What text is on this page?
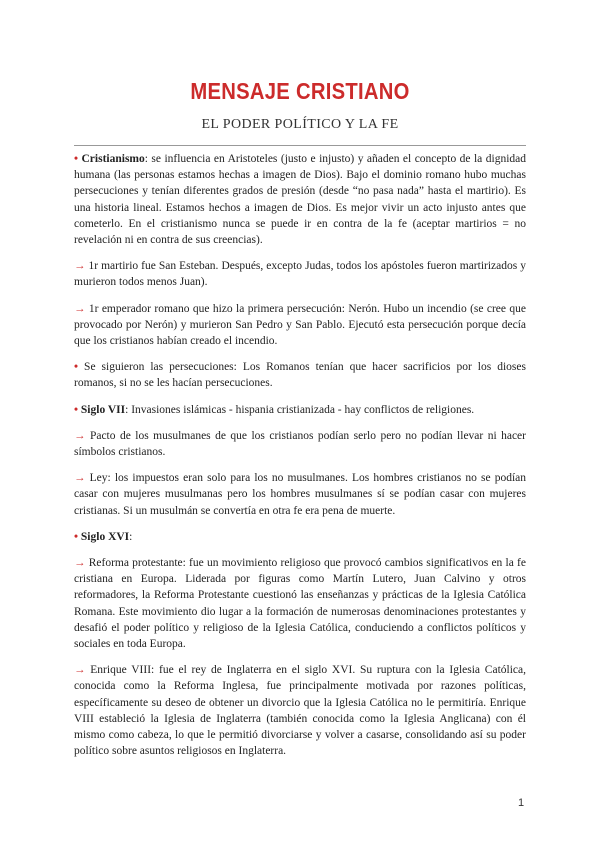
MENSAJE CRISTIANO
EL PODER POLÍTICO Y LA FE

• Cristianismo: se influencia en Aristoteles (justo e injusto) y añaden el concepto de la dignidad humana (las personas estamos hechas a imagen de Dios). Bajo el dominio romano hubo muchas persecuciones y tenían diferentes grados de presión (desde “no pasa nada” hasta el martirio). Es una historia lineal. Estamos hechos a imagen de Dios. Es mejor vivir un acto injusto antes que cometerlo. En el cristianismo nunca se puede ir en contra de la fe (aceptar martirios = no revelación ni en contra de sus creencias).

→ 1r martirio fue San Esteban. Después, excepto Judas, todos los apóstoles fueron martirizados y murieron todos menos Juan).

→ 1r emperador romano que hizo la primera persecución: Nerón. Hubo un incendio (se cree que provocado por Nerón) y murieron San Pedro y San Pablo. Ejecutó esta persecución porque decía que los cristianos habían creado el incendio.

• Se siguieron las persecuciones: Los Romanos tenían que hacer sacrificios por los dioses romanos, si no se les hacían persecuciones.

• Siglo VII: Invasiones islámicas - hispania cristianizada - hay conflictos de religiones.

→ Pacto de los musulmanes de que los cristianos podían serlo pero no podían llevar ni hacer símbolos cristianos.

→ Ley: los impuestos eran solo para los no musulmanes. Los hombres cristianos no se podían casar con mujeres musulmanas pero los hombres musulmanes sí se podían casar con mujeres cristianas. Si un musulmán se convertía en otra fe era pena de muerte.

• Siglo XVI:

→ Reforma protestante: fue un movimiento religioso que provocó cambios significativos en la fe cristiana en Europa. Liderada por figuras como Martín Lutero, Juan Calvino y otros reformadores, la Reforma Protestante cuestionó las enseñanzas y prácticas de la Iglesia Católica Romana. Este movimiento dio lugar a la formación de numerosas denominaciones protestantes y desafió el poder político y religioso de la Iglesia Católica, conduciendo a conflictos políticos y sociales en toda Europa.

→ Enrique VIII: fue el rey de Inglaterra en el siglo XVI. Su ruptura con la Iglesia Católica, conocida como la Reforma Inglesa, fue principalmente motivada por razones políticas, específicamente su deseo de obtener un divorcio que la Iglesia Católica no le permitiría. Enrique VIII estableció la Iglesia de Inglaterra (también conocida como la Iglesia Anglicana) con él mismo como cabeza, lo que le permitió divorciarse y volver a casarse, consolidando así su poder político sobre asuntos religiosos en Inglaterra.

1
